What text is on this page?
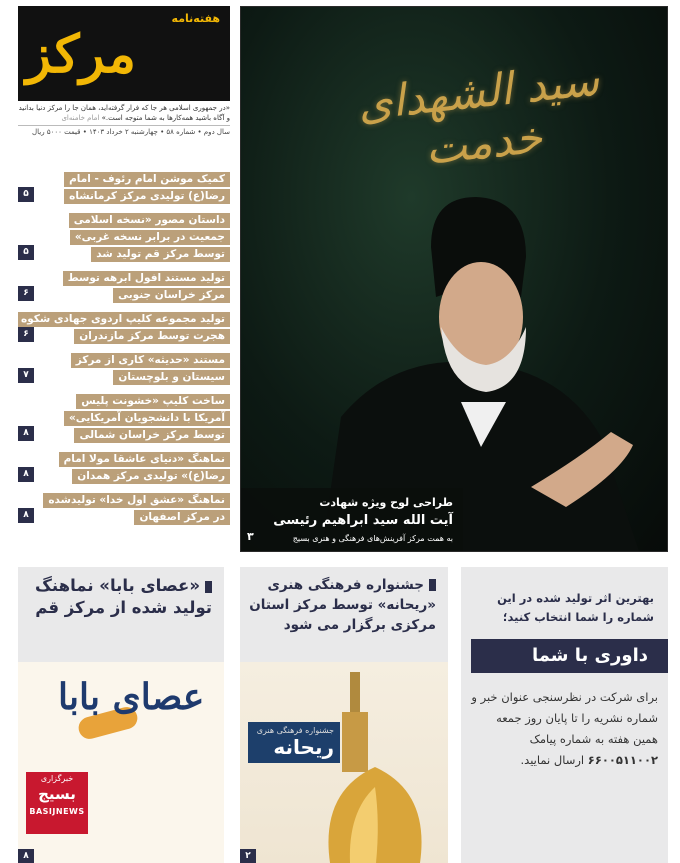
هفته‌نامه
مرکز
«در جمهوری اسلامی هر جا که فرار گرفته‌اید، همان جا را مرکز دنیا بدانید و آگاه باشید همه‌کارها به شما متوجه است.» امام خامنه‌ای
سال دوم • شماره ۵۸ • چهارشنبه ۲ خرداد ۱۴۰۳ • قیمت ۵۰۰۰ ریال
کمیک موشن امام رئوف - امام
رضا(ع) تولیدی مرکز کرمانشاه
۵
داستان مصور «نسخه اسلامی
جمعیت در برابر نسخه غربی»
توسط مرکز قم تولید شد
۵
تولید مستند افول ابرهه توسط
مرکز خراسان جنوبی
۶
تولید مجموعه کلیپ اردوی جهادی شکوه
هجرت توسط مرکز مازندران
۶
مستند «حدیثه» کاری از مرکز
سیستان و بلوچستان
۷
ساخت کلیپ «خشونت پلیس
آمریکا با دانشجویان آمریکایی»
توسط مرکز خراسان شمالی
۸
نماهنگ «دنیای عاشقا مولا امام
رضا(ع)» تولیدی مرکز همدان
۸
نماهنگ «عشق اول خدا» تولیدشده
در مرکز اصفهان
۸
سید الشهدای خدمت
طراحی لوح ویژه شهادت
آیت الله سید ابراهیم رئیسی
به همت مرکز آفرینش‌های فرهنگی و هنری بسیج
۳
«عصای بابا» نماهنگ تولید شده از مرکز قم
عصای بابا
خبرگزاری
بسیج
BASIJNEWS
۸
جشنواره فرهنگی هنری «ریحانه» توسط مرکز استان مرکزی برگزار می شود
جشنواره فرهنگی هنری
ریحانه
۲
بهترین اثر تولید شده در این شماره را شما انتخاب کنید؛
داوری با شما
برای شرکت در نظرسنجی عنوان خبر و شماره نشریه را تا پایان روز جمعه همین هفته به شماره پیامک ۶۶۰۰۵۱۱۰۰۲ ارسال نمایید.
